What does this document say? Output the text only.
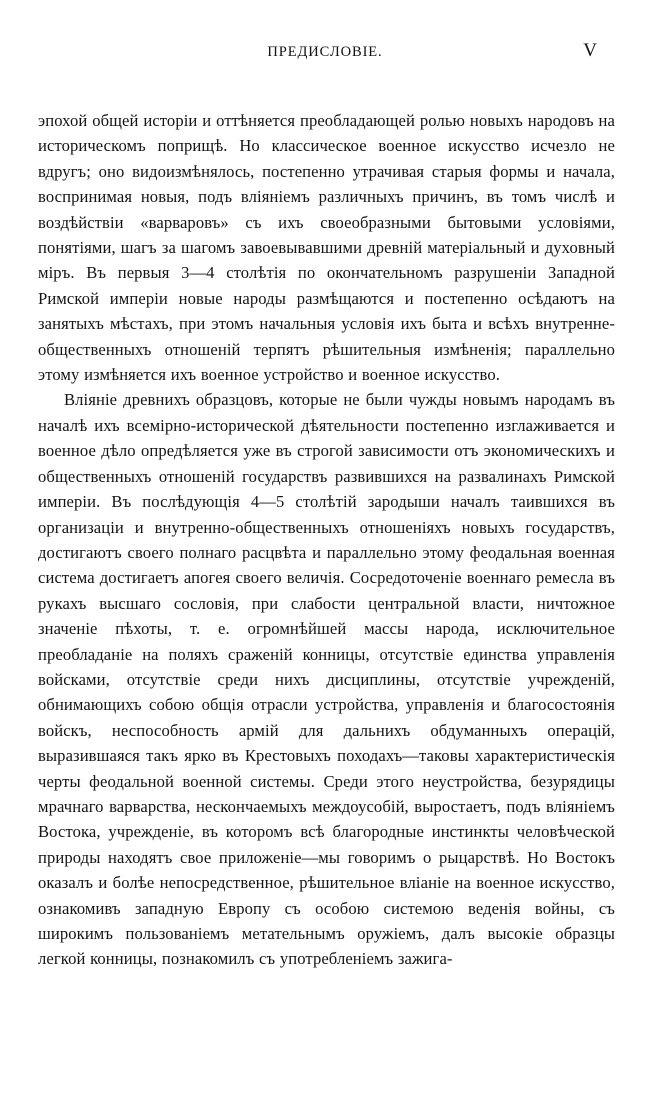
ПРЕДИСЛОВІЕ.	V

эпохой общей исторіи и оттѣняется преобладающей ролью новыхъ народовъ на историческомъ поприщѣ. Но классическое военное искусство исчезло не вдругъ; оно видоизмѣнялось, постепенно утрачивая старыя формы и начала, воспринимая новыя, подъ вліяніемъ различныхъ причинъ, въ томъ числѣ и воздѣйствіи «варваровъ» съ ихъ своеобразными бытовыми условіями, понятіями, шагъ за шагомъ завоевывавшими древній матеріальный и духовный міръ. Въ первыя 3—4 столѣтія по окончательномъ разрушеніи Западной Римской имперіи новые народы размѣщаются и постепенно осѣдаютъ на занятыхъ мѣстахъ, при этомъ начальныя условія ихъ быта и всѣхъ внутренне-общественныхъ отношеній терпятъ рѣшительныя измѣненія; параллельно этому измѣняется ихъ военное устройство и военное искусство.

Вліяніе древнихъ образцовъ, которые не были чужды новымъ народамъ въ началѣ ихъ всемірно-исторической дѣятельности постепенно изглаживается и военное дѣло опредѣляется уже въ строгой зависимости отъ экономическихъ и общественныхъ отношеній государствъ развившихся на развалинахъ Римской имперіи. Въ послѣдующія 4—5 столѣтій зародыши началъ таившихся въ организаціи и внутренно-общественныхъ отношеніяхъ новыхъ государствъ, достигаютъ своего полнаго расцвѣта и параллельно этому феодальная военная система достигаетъ апогея своего величія. Сосредоточеніе военнаго ремесла въ рукахъ высшаго сословія, при слабости центральной власти, ничтожное значеніе пѣхоты, т. е. огромнѣйшей массы народа, исключительное преобладаніе на поляхъ сраженій конницы, отсутствіе единства управленія войсками, отсутствіе среди нихъ дисциплины, отсутствіе учрежденій, обнимающихъ собою общія отрасли устройства, управленія и благосостоянія войскъ, неспособность армій для дальнихъ обдуманныхъ операцій, выразившаяся такъ ярко въ Крестовыхъ походахъ—таковы характеристическія черты феодальной военной системы. Среди этого неустройства, безурядицы мрачнаго варварства, нескончаемыхъ междоусобій, выростаетъ, подъ вліяніемъ Востока, учрежденіе, въ которомъ всѣ благородные инстинкты человѣческой природы находятъ свое приложеніе—мы говоримъ о рыцарствѣ. Но Востокъ оказалъ и болѣе непосредственное, рѣшительное вліаніе на военное искусство, ознакомивъ западную Европу съ особою системою веденія войны, съ широкимъ пользованіемъ метательнымъ оружіемъ, далъ высокіе образцы легкой конницы, познакомилъ съ употребленіемъ зажига-
